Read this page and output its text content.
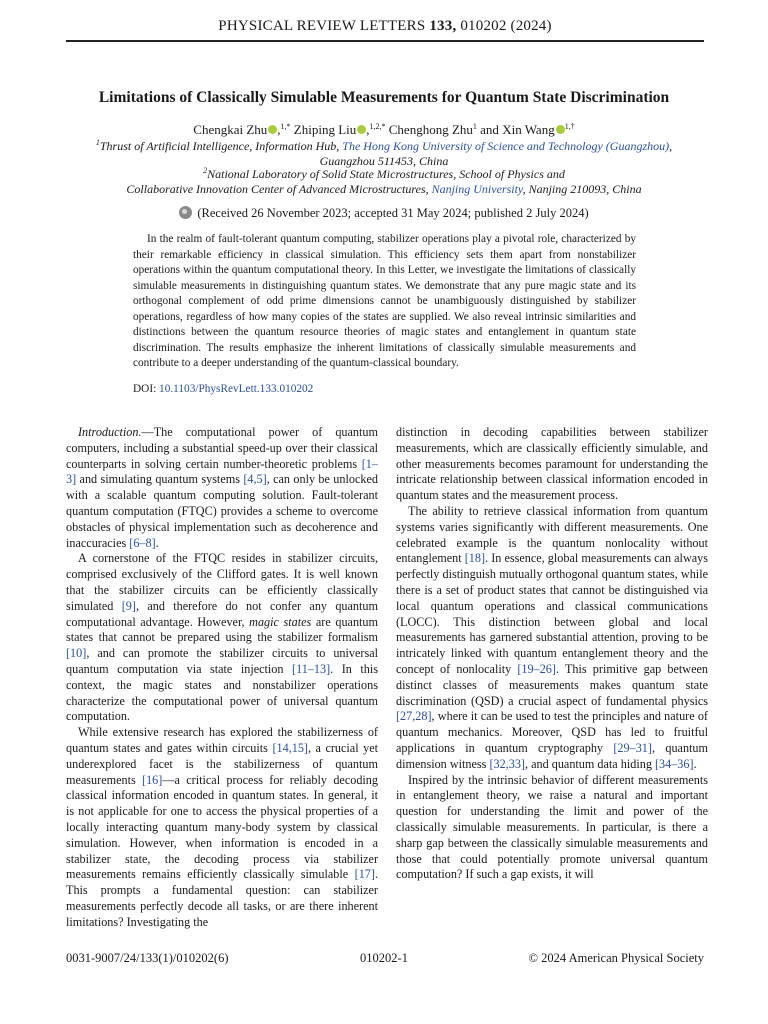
PHYSICAL REVIEW LETTERS 133, 010202 (2024)
Limitations of Classically Simulable Measurements for Quantum State Discrimination
Chengkai Zhu ,$^{1,*}$ Zhiping Liu ,$^{1,2,*}$ Chenghong Zhu$^1$ and Xin Wang $^{1,\dagger}$
$^1$Thrust of Artificial Intelligence, Information Hub, The Hong Kong University of Science and Technology (Guangzhou),
Guangzhou 511453, China
$^2$National Laboratory of Solid State Microstructures, School of Physics and
Collaborative Innovation Center of Advanced Microstructures, Nanjing University, Nanjing 210093, China
(Received 26 November 2023; accepted 31 May 2024; published 2 July 2024)
In the realm of fault-tolerant quantum computing, stabilizer operations play a pivotal role, characterized by their remarkable efficiency in classical simulation. This efficiency sets them apart from nonstabilizer operations within the quantum computational theory. In this Letter, we investigate the limitations of classically simulable measurements in distinguishing quantum states. We demonstrate that any pure magic state and its orthogonal complement of odd prime dimensions cannot be unambiguously distinguished by stabilizer operations, regardless of how many copies of the states are supplied. We also reveal intrinsic similarities and distinctions between the quantum resource theories of magic states and entanglement in quantum state discrimination. The results emphasize the inherent limitations of classically simulable measurements and contribute to a deeper understanding of the quantum-classical boundary.
DOI: 10.1103/PhysRevLett.133.010202

Introduction.—The computational power of quantum computers, including a substantial speed-up over their classical counterparts in solving certain number-theoretic problems [1–3] and simulating quantum systems [4,5], can only be unlocked with a scalable quantum computing solution. Fault-tolerant quantum computation (FTQC) provides a scheme to overcome obstacles of physical implementation such as decoherence and inaccuracies [6–8].

A cornerstone of the FTQC resides in stabilizer circuits, comprised exclusively of the Clifford gates. It is well known that the stabilizer circuits can be efficiently classically simulated [9], and therefore do not confer any quantum computational advantage. However, magic states are quantum states that cannot be prepared using the stabilizer formalism [10], and can promote the stabilizer circuits to universal quantum computation via state injection [11–13]. In this context, the magic states and nonstabilizer operations characterize the computational power of universal quantum computation.

While extensive research has explored the stabilizerness of quantum states and gates within circuits [14,15], a crucial yet underexplored facet is the stabilizerness of quantum measurements [16]—a critical process for reliably decoding classical information encoded in quantum states. In general, it is not applicable for one to access the physical properties of a locally interacting quantum many-body system by classical simulation. However, when information is encoded in a stabilizer state, the decoding process via stabilizer measurements remains efficiently classically simulable [17]. This prompts a fundamental question: can stabilizer measurements perfectly decode all tasks, or are there inherent limitations? Investigating the

distinction in decoding capabilities between stabilizer measurements, which are classically efficiently simulable, and other measurements becomes paramount for understanding the intricate relationship between classical information encoded in quantum states and the measurement process.

The ability to retrieve classical information from quantum systems varies significantly with different measurements. One celebrated example is the quantum nonlocality without entanglement [18]. In essence, global measurements can always perfectly distinguish mutually orthogonal quantum states, while there is a set of product states that cannot be distinguished via local quantum operations and classical communications (LOCC). This distinction between global and local measurements has garnered substantial attention, proving to be intricately linked with quantum entanglement theory and the concept of nonlocality [19–26]. This primitive gap between distinct classes of measurements makes quantum state discrimination (QSD) a crucial aspect of fundamental physics [27,28], where it can be used to test the principles and nature of quantum mechanics. Moreover, QSD has led to fruitful applications in quantum cryptography [29–31], quantum dimension witness [32,33], and quantum data hiding [34–36].

Inspired by the intrinsic behavior of different measurements in entanglement theory, we raise a natural and important question for understanding the limit and power of the classically simulable measurements. In particular, is there a sharp gap between the classically simulable measurements and those that could potentially promote universal quantum computation? If such a gap exists, it will

0031-9007/24/133(1)/010202(6)	010202-1	© 2024 American Physical Society
